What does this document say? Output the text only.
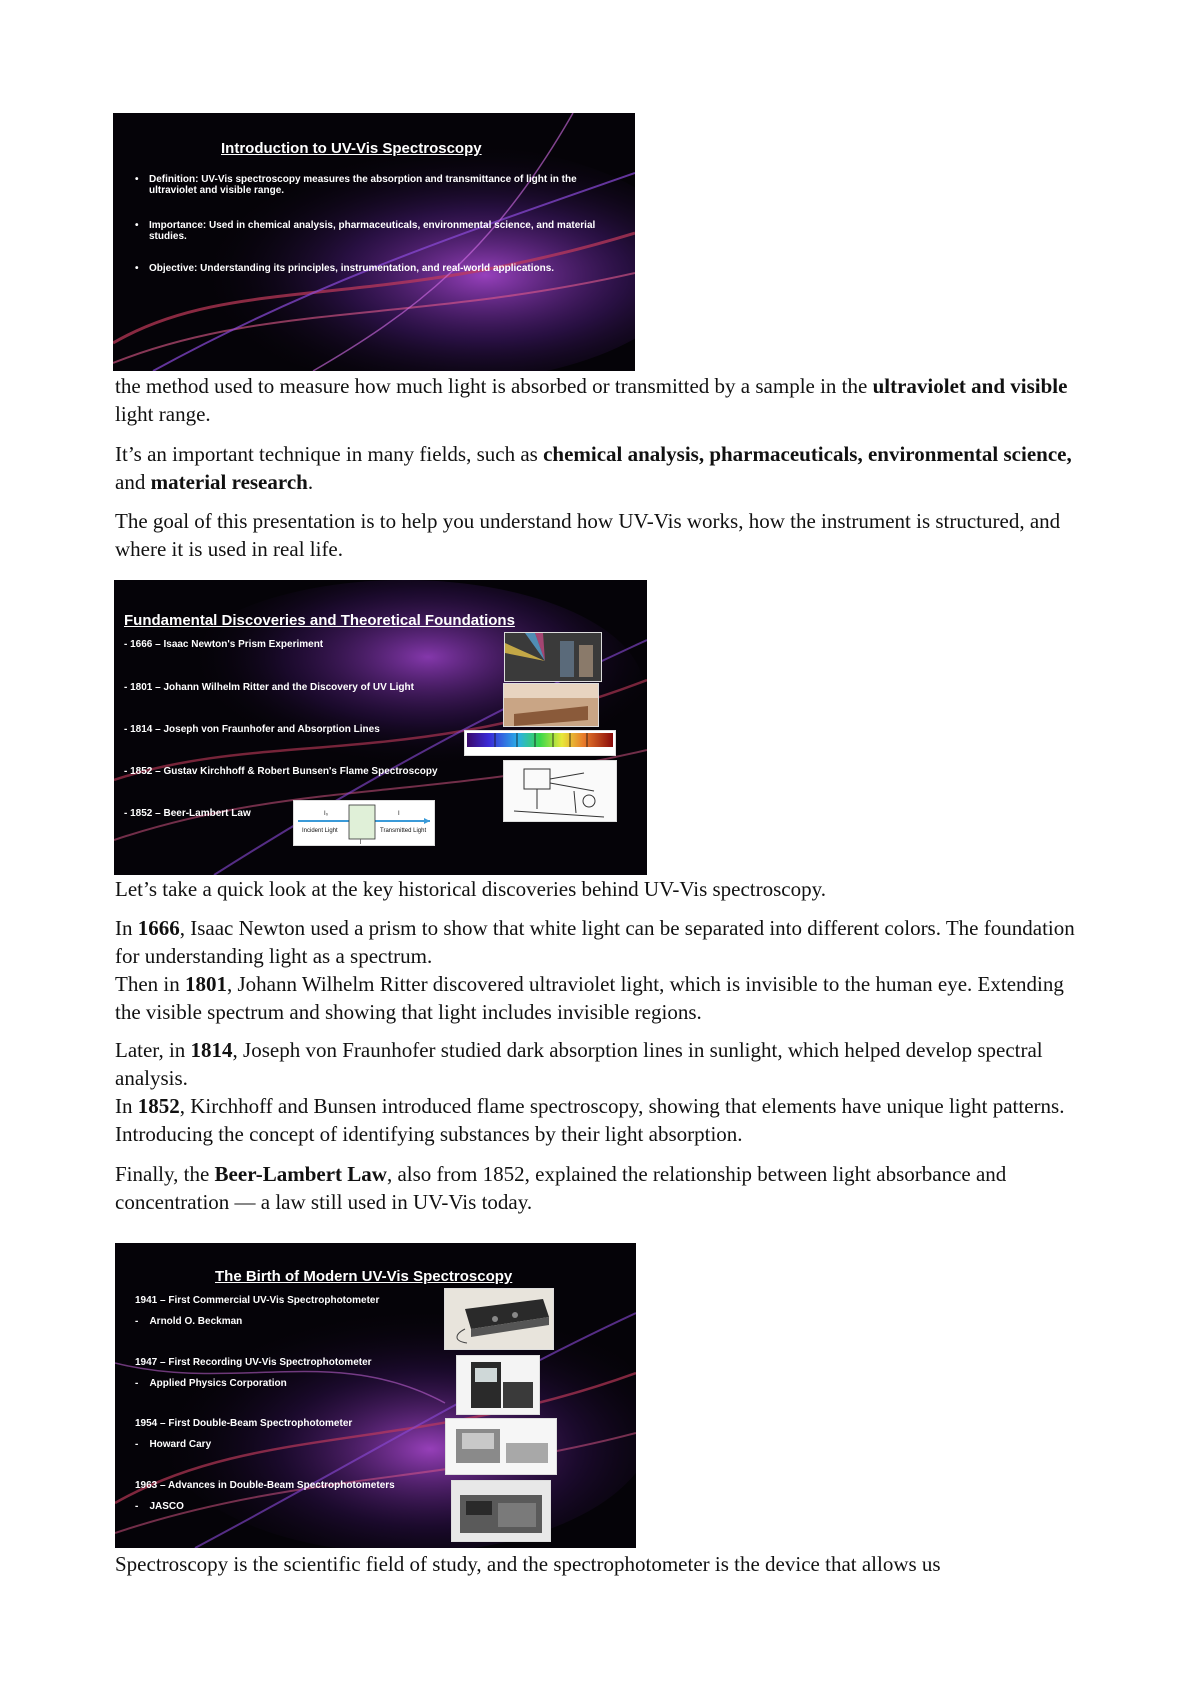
Introduction to UV-Vis Spectroscopy
• Definition: UV-Vis spectroscopy measures the absorption and transmittance of light in the ultraviolet and visible range.
• Importance: Used in chemical analysis, pharmaceuticals, environmental science, and material studies.
• Objective: Understanding its principles, instrumentation, and real-world applications.

the method used to measure how much light is absorbed or transmitted by a sample in the ultraviolet and visible light range.

It’s an important technique in many fields, such as chemical analysis, pharmaceuticals, environmental science, and material research.

The goal of this presentation is to help you understand how UV-Vis works, how the instrument is structured, and where it is used in real life.

Fundamental Discoveries and Theoretical Foundations
- 1666 – Isaac Newton's Prism Experiment
- 1801 – Johann Wilhelm Ritter and the Discovery of UV Light
- 1814 – Joseph von Fraunhofer and Absorption Lines
- 1852 – Gustav Kirchhoff & Robert Bunsen's Flame Spectroscopy
- 1852 – Beer-Lambert Law	I₀	I
Incident Light	Transmitted Light
l

Let’s take a quick look at the key historical discoveries behind UV-Vis spectroscopy.

In 1666, Isaac Newton used a prism to show that white light can be separated into different colors. The foundation for understanding light as a spectrum.
Then in 1801, Johann Wilhelm Ritter discovered ultraviolet light, which is invisible to the human eye. Extending the visible spectrum and showing that light includes invisible regions.

Later, in 1814, Joseph von Fraunhofer studied dark absorption lines in sunlight, which helped develop spectral analysis.
In 1852, Kirchhoff and Bunsen introduced flame spectroscopy, showing that elements have unique light patterns. Introducing the concept of identifying substances by their light absorption.

Finally, the Beer-Lambert Law, also from 1852, explained the relationship between light absorbance and concentration — a law still used in UV-Vis today.

The Birth of Modern UV-Vis Spectroscopy
1941 – First Commercial UV-Vis Spectrophotometer
-    Arnold O. Beckman
1947 – First Recording UV-Vis Spectrophotometer
-    Applied Physics Corporation
1954 – First Double-Beam Spectrophotometer
-    Howard Cary
1963 – Advances in Double-Beam Spectrophotometers
-    JASCO

Spectroscopy is the scientific field of study, and the spectrophotometer is the device that allows us
